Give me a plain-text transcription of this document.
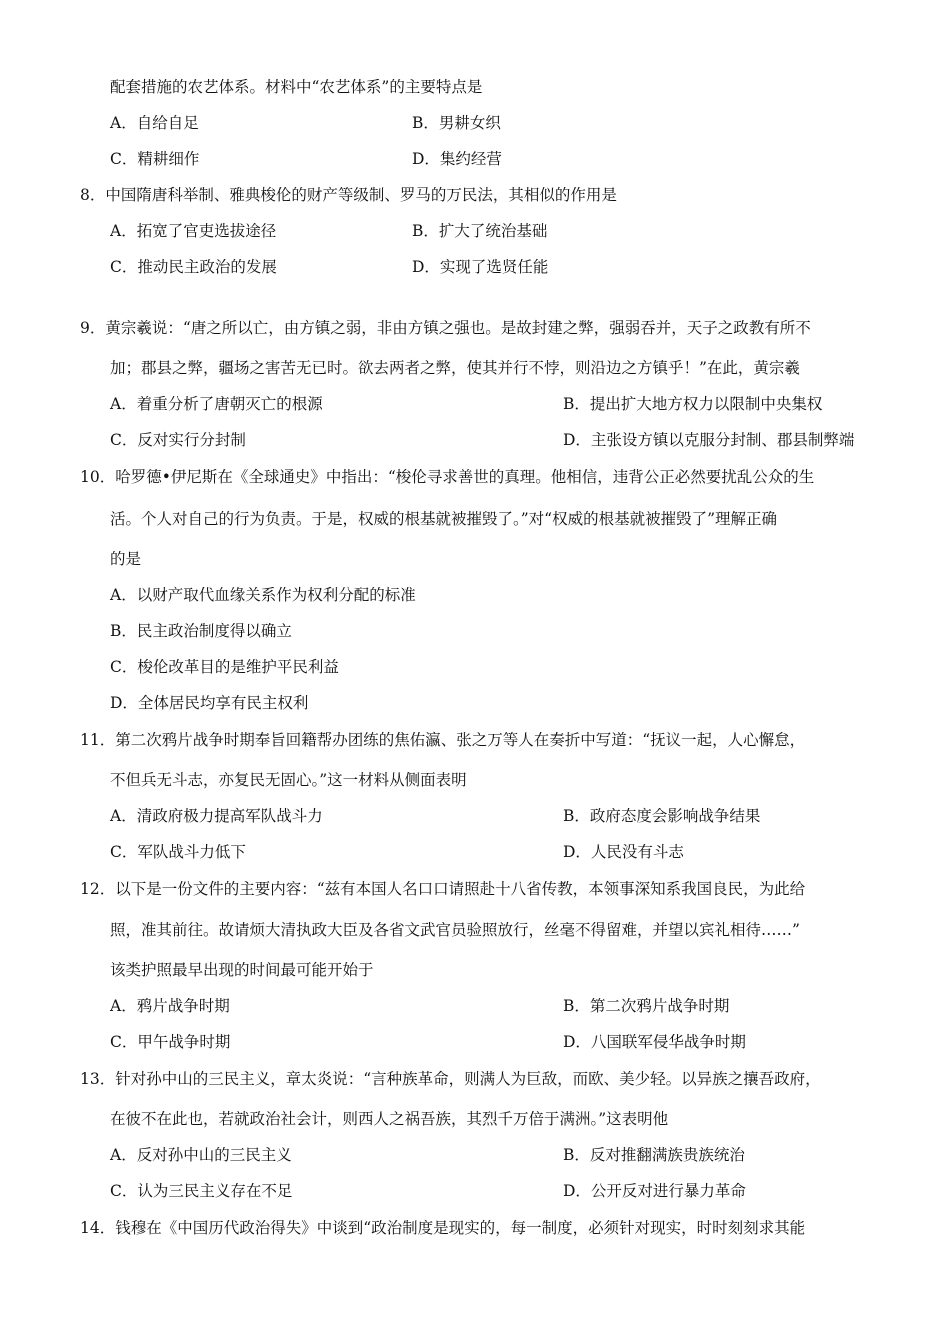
配套措施的农艺体系。材料中“农艺体系”的主要特点是
A．自给自足	B．男耕女织
C．精耕细作	D．集约经营
8．中国隋唐科举制、雅典梭伦的财产等级制、罗马的万民法，其相似的作用是
A．拓宽了官吏选拔途径	B．扩大了统治基础
C．推动民主政治的发展	D．实现了选贤任能
9．黄宗羲说：“唐之所以亡，由方镇之弱，非由方镇之强也。是故封建之弊，强弱吞并，天子之政教有所不
加；郡县之弊，疆场之害苦无已时。欲去两者之弊，使其并行不悖，则沿边之方镇乎！”在此，黄宗羲
A．着重分析了唐朝灭亡的根源	B．提出扩大地方权力以限制中央集权
C．反对实行分封制	D．主张设方镇以克服分封制、郡县制弊端
10．哈罗德•伊尼斯在《全球通史》中指出：“梭伦寻求善世的真理。他相信，违背公正必然要扰乱公众的生
活。个人对自己的行为负责。于是，权威的根基就被摧毁了。”对“权威的根基就被摧毁了”理解正确
的是
A．以财产取代血缘关系作为权利分配的标准
B．民主政治制度得以确立
C．梭伦改革目的是维护平民利益
D．全体居民均享有民主权利
11．第二次鸦片战争时期奉旨回籍帮办团练的焦佑瀛、张之万等人在奏折中写道：“抚议一起，人心懈怠，
不但兵无斗志，亦复民无固心。”这一材料从侧面表明
A．清政府极力提高军队战斗力	B．政府态度会影响战争结果
C．军队战斗力低下	D．人民没有斗志
12．以下是一份文件的主要内容：“兹有本国人名口口请照赴十八省传教，本领事深知系我国良民，为此给
照，准其前往。故请烦大清执政大臣及各省文武官员验照放行，丝毫不得留难，并望以宾礼相待……”
该类护照最早出现的时间最可能开始于
A．鸦片战争时期	B．第二次鸦片战争时期
C．甲午战争时期	D．八国联军侵华战争时期
13．针对孙中山的三民主义，章太炎说：“言种族革命，则满人为巨敌，而欧、美少轻。以异族之攘吾政府，
在彼不在此也，若就政治社会计，则西人之祸吾族，其烈千万倍于满洲。”这表明他
A．反对孙中山的三民主义	B．反对推翻满族贵族统治
C．认为三民主义存在不足	D．公开反对进行暴力革命
14．钱穆在《中国历代政治得失》中谈到“政治制度是现实的，每一制度，必须针对现实，时时刻刻求其能
